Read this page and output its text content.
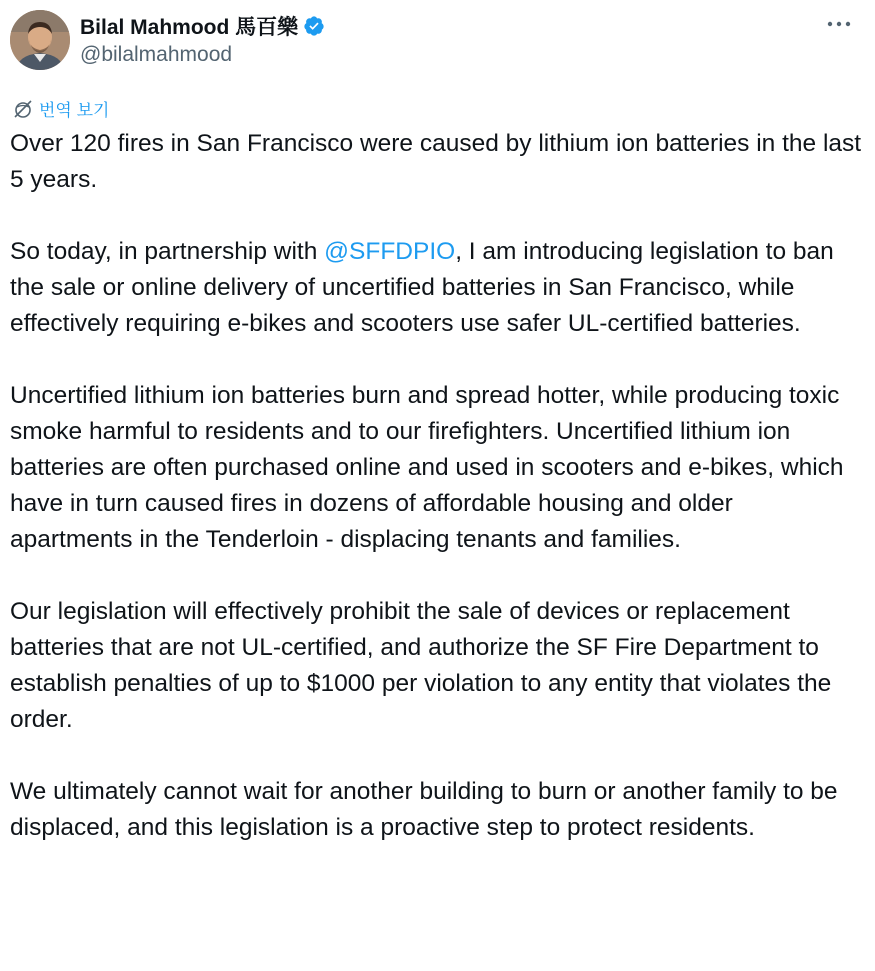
Bilal Mahmood 馬百樂
@bilalmahmood
번역 보기

Over 120 fires in San Francisco were caused by lithium ion batteries in the last 5 years.

So today, in partnership with @SFFDPIO, I am introducing legislation to ban the sale or online delivery of uncertified batteries in San Francisco, while effectively requiring e-bikes and scooters use safer UL-certified batteries.

Uncertified lithium ion batteries burn and spread hotter, while producing toxic smoke harmful to residents and to our firefighters. Uncertified lithium ion batteries are often purchased online and used in scooters and e-bikes, which have in turn caused fires in dozens of affordable housing and older apartments in the Tenderloin - displacing tenants and families.

Our legislation will effectively prohibit the sale of devices or replacement batteries that are not UL-certified, and authorize the SF Fire Department to establish penalties of up to $1000 per violation to any entity that violates the order.

We ultimately cannot wait for another building to burn or another family to be displaced, and this legislation is a proactive step to protect residents.
